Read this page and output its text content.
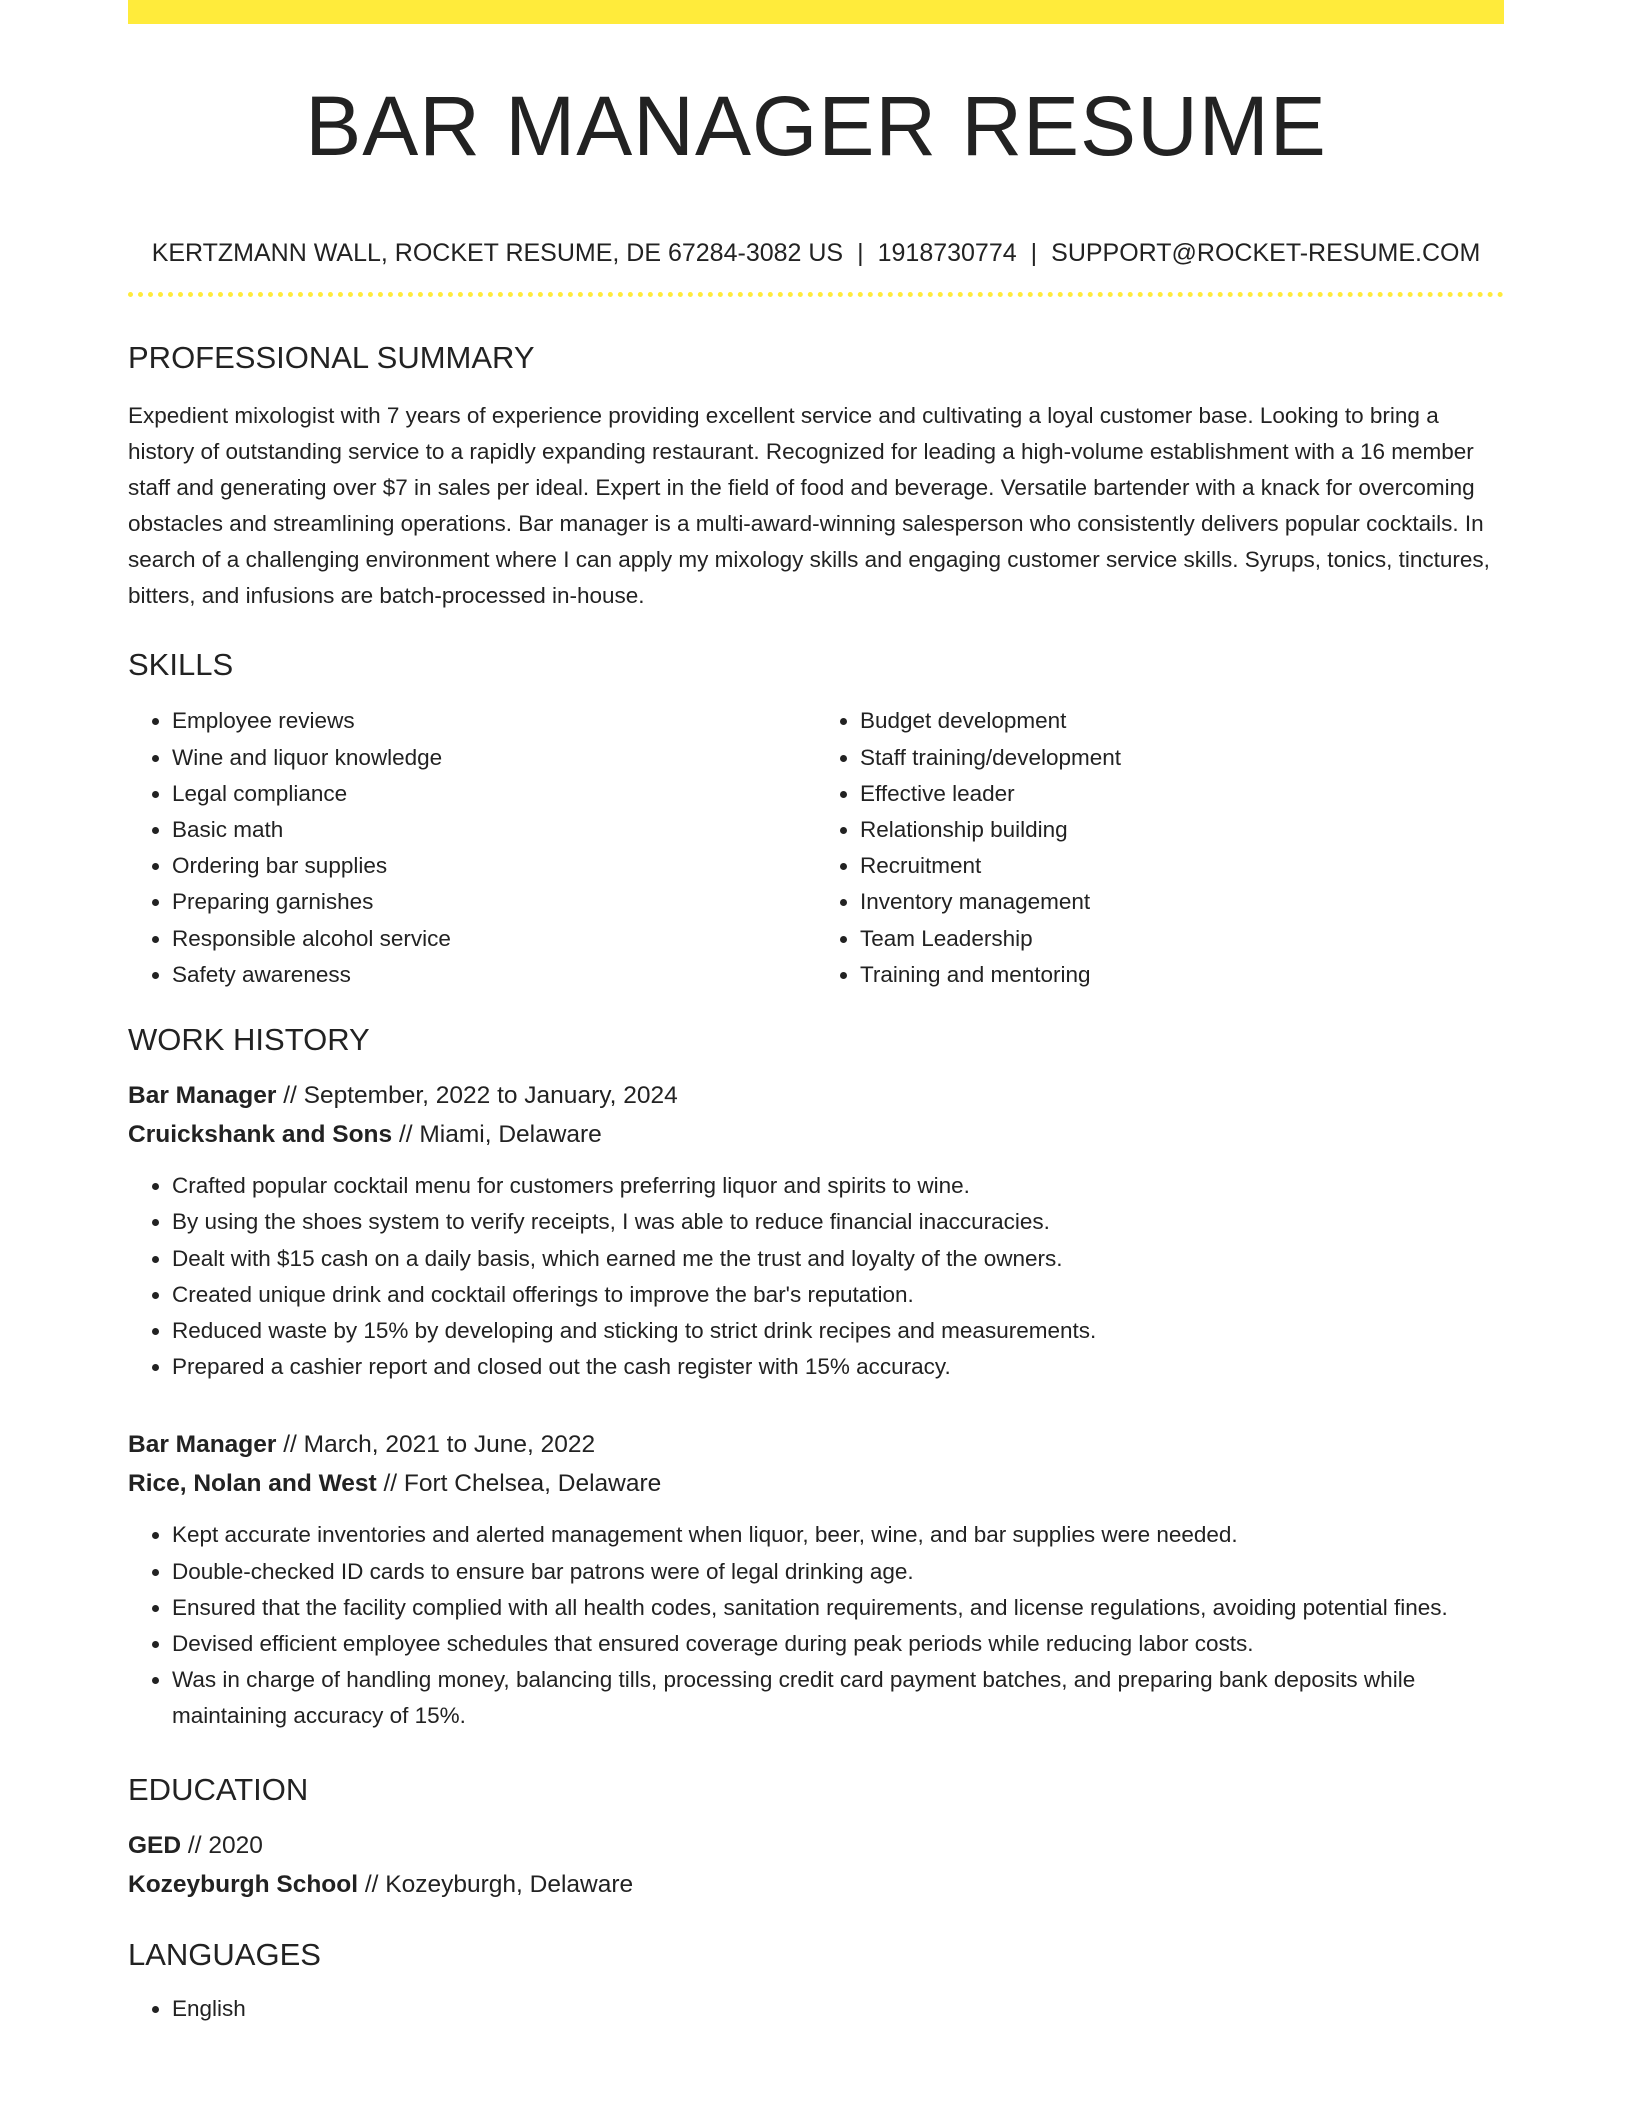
BAR MANAGER RESUME
KERTZMANN WALL, ROCKET RESUME, DE 67284-3082 US | 1918730774 | SUPPORT@ROCKET-RESUME.COM
PROFESSIONAL SUMMARY

Expedient mixologist with 7 years of experience providing excellent service and cultivating a loyal customer base. Looking to bring a history of outstanding service to a rapidly expanding restaurant. Recognized for leading a high-volume establishment with a 16 member staff and generating over $7 in sales per ideal. Expert in the field of food and beverage. Versatile bartender with a knack for overcoming obstacles and streamlining operations. Bar manager is a multi-award-winning salesperson who consistently delivers popular cocktails. In search of a challenging environment where I can apply my mixology skills and engaging customer service skills. Syrups, tonics, tinctures, bitters, and infusions are batch-processed in-house.

SKILLS
• Employee reviews
• Wine and liquor knowledge
• Legal compliance
• Basic math
• Ordering bar supplies
• Preparing garnishes
• Responsible alcohol service
• Safety awareness
• Budget development
• Staff training/development
• Effective leader
• Relationship building
• Recruitment
• Inventory management
• Team Leadership
• Training and mentoring
WORK HISTORY
Bar Manager // September, 2022 to January, 2024
Cruickshank and Sons // Miami, Delaware
• Crafted popular cocktail menu for customers preferring liquor and spirits to wine.
• By using the shoes system to verify receipts, I was able to reduce financial inaccuracies.
• Dealt with $15 cash on a daily basis, which earned me the trust and loyalty of the owners.
• Created unique drink and cocktail offerings to improve the bar's reputation.
• Reduced waste by 15% by developing and sticking to strict drink recipes and measurements.
• Prepared a cashier report and closed out the cash register with 15% accuracy.
Bar Manager // March, 2021 to June, 2022
Rice, Nolan and West // Fort Chelsea, Delaware
• Kept accurate inventories and alerted management when liquor, beer, wine, and bar supplies were needed.
• Double-checked ID cards to ensure bar patrons were of legal drinking age.
• Ensured that the facility complied with all health codes, sanitation requirements, and license regulations, avoiding potential fines.
• Devised efficient employee schedules that ensured coverage during peak periods while reducing labor costs.
• Was in charge of handling money, balancing tills, processing credit card payment batches, and preparing bank deposits while maintaining accuracy of 15%.
EDUCATION
GED // 2020
Kozeyburgh School // Kozeyburgh, Delaware
LANGUAGES
• English
